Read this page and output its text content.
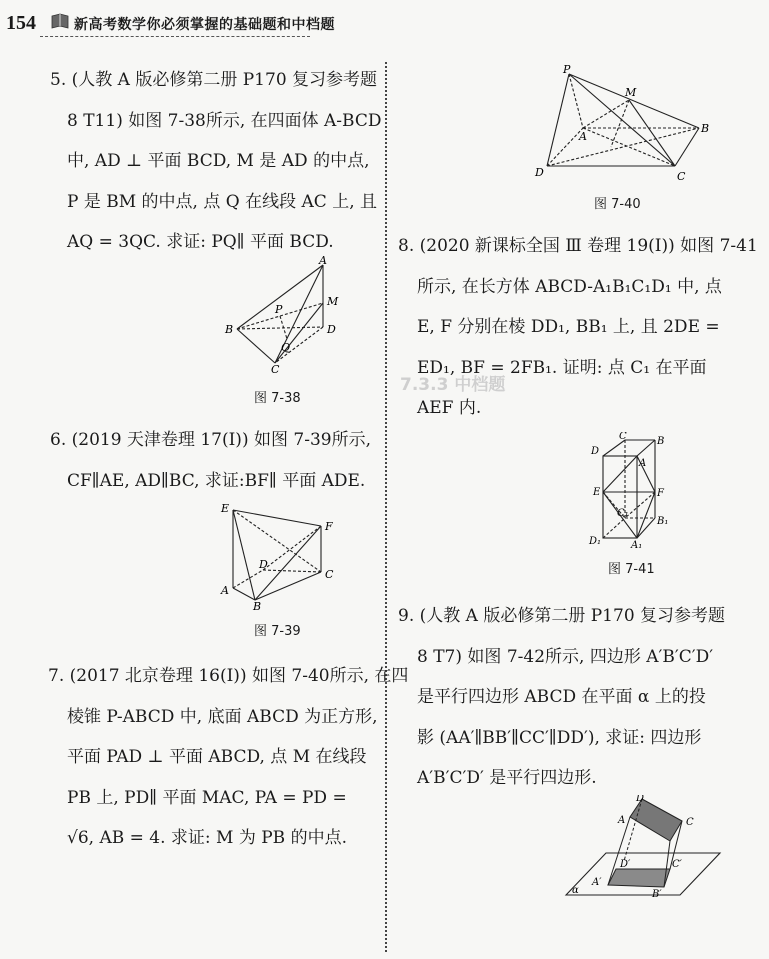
154	新高考数学你必须掌握的基础题和中档题
7.3.3 中档题
5. (人教 A 版必修第二册 P170 复习参考题
8 T11) 如图 7-38所示, 在四面体 A-BCD
中, AD ⊥ 平面 BCD, M 是 AD 的中点,
P 是 BM 的中点, 点 Q 在线段 AC 上, 且
AQ = 3QC. 求证: PQ∥ 平面 BCD.
A
B
C
D
M
P
Q
图 7-38
6. (2019 天津卷理 17(I)) 如图 7-39所示,
CF∥AE, AD∥BC, 求证:BF∥ 平面 ADE.
E
F
A
B
C
D
图 7-39
7. (2017 北京卷理 16(I)) 如图 7-40所示, 在四
棱锥 P-ABCD 中, 底面 ABCD 为正方形,
平面 PAD ⊥ 平面 ABCD, 点 M 在线段
PB 上, PD∥ 平面 MAC, PA = PD =
√6, AB = 4. 求证: M 为 PB 的中点.
P
M
A
B
C
D
图 7-40
8. (2020 新课标全国 Ⅲ 卷理 19(I)) 如图 7-41
所示, 在长方体 ABCD-A₁B₁C₁D₁ 中, 点
E, F 分别在棱 DD₁, BB₁ 上, 且 2DE =
ED₁, BF = 2FB₁. 证明: 点 C₁ 在平面
AEF 内.
C	B
D
A
E	F
C₁
B₁
D₁	A₁
图 7-41
9. (人教 A 版必修第二册 P170 复习参考题
8 T7) 如图 7-42所示, 四边形 A′B′C′D′
是平行四边形 ABCD 在平面 α 上的投
影 (AA′∥BB′∥CC′∥DD′), 求证: 四边形
A′B′C′D′ 是平行四边形.
D
A	C
D′	C′
A′
B′
α
